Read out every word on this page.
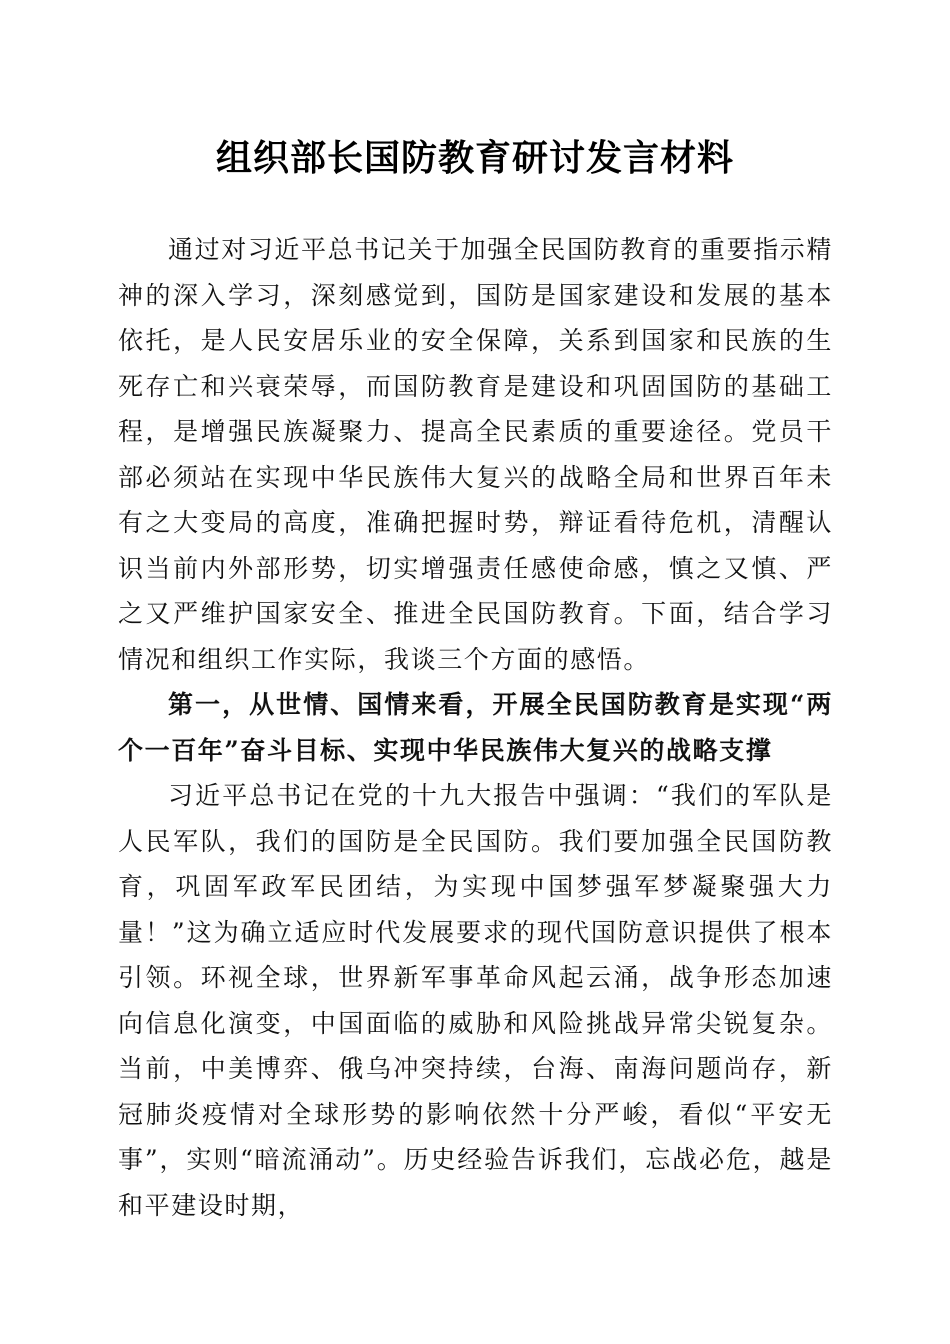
组织部长国防教育研讨发言材料

通过对习近平总书记关于加强全民国防教育的重要指示精神的深入学习，深刻感觉到，国防是国家建设和发展的基本依托，是人民安居乐业的安全保障，关系到国家和民族的生死存亡和兴衰荣辱，而国防教育是建设和巩固国防的基础工程，是增强民族凝聚力、提高全民素质的重要途径。党员干部必须站在实现中华民族伟大复兴的战略全局和世界百年未有之大变局的高度，准确把握时势，辩证看待危机，清醒认识当前内外部形势，切实增强责任感使命感，慎之又慎、严之又严维护国家安全、推进全民国防教育。下面，结合学习情况和组织工作实际，我谈三个方面的感悟。

第一，从世情、国情来看，开展全民国防教育是实现“两个一百年”奋斗目标、实现中华民族伟大复兴的战略支撑

习近平总书记在党的十九大报告中强调：“我们的军队是人民军队，我们的国防是全民国防。我们要加强全民国防教育，巩固军政军民团结，为实现中国梦强军梦凝聚强大力量！”这为确立适应时代发展要求的现代国防意识提供了根本引领。环视全球，世界新军事革命风起云涌，战争形态加速向信息化演变，中国面临的威胁和风险挑战异常尖锐复杂。当前，中美博弈、俄乌冲突持续，台海、南海问题尚存，新冠肺炎疫情对全球形势的影响依然十分严峻，看似“平安无事”，实则“暗流涌动”。历史经验告诉我们，忘战必危，越是和平建设时期，
